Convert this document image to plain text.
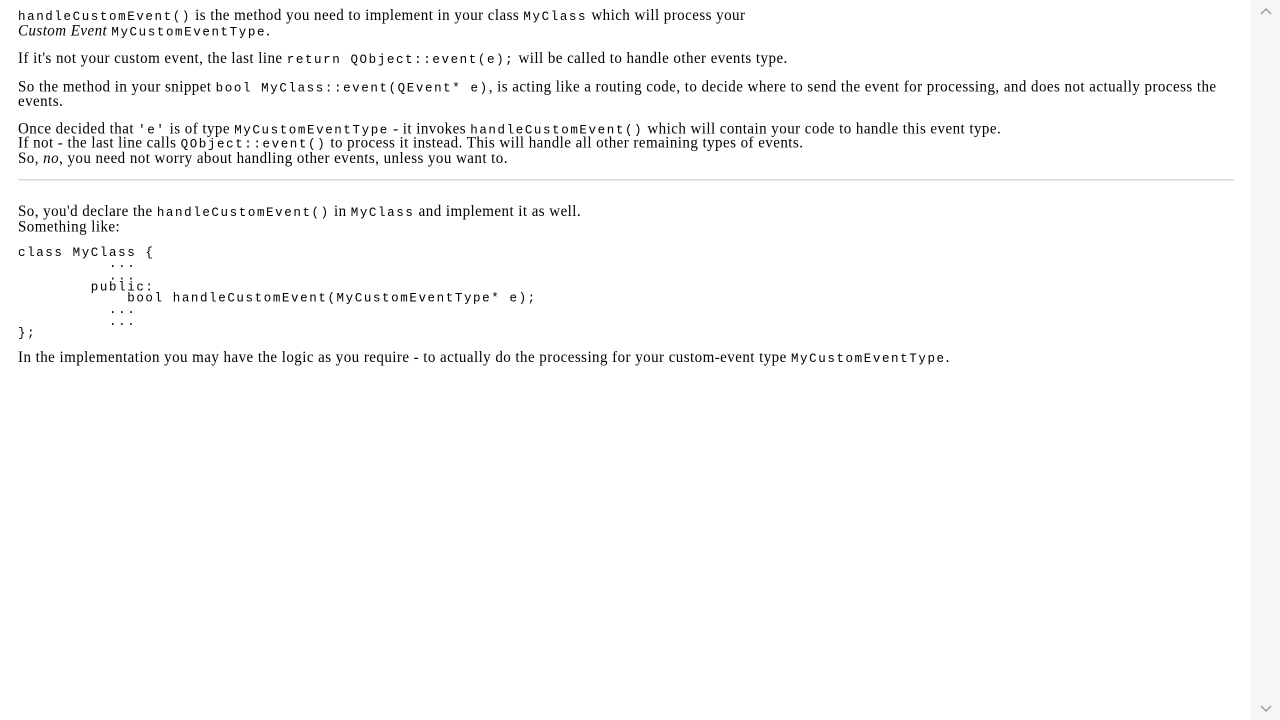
handleCustomEvent() is the method you need to implement in your class MyClass which will process your
Custom Event MyCustomEventType.

If it's not your custom event, the last line return QObject::event(e); will be called to handle other events type.

So the method in your snippet bool MyClass::event(QEvent* e), is acting like a routing code, to decide where to send the event for processing, and does not actually process the events.

Once decided that 'e' is of type MyCustomEventType - it invokes handleCustomEvent() which will contain your code to handle this event type.
If not - the last line calls QObject::event() to process it instead. This will handle all other remaining types of events.
So, no, you need not worry about handling other events, unless you want to.

So, you'd declare the handleCustomEvent() in MyClass and implement it as well.
Something like:

class MyClass {
...
...
public:
bool handleCustomEvent(MyCustomEventType* e);
...
...
};

In the implementation you may have the logic as you require - to actually do the processing for your custom-event type MyCustomEventType.
